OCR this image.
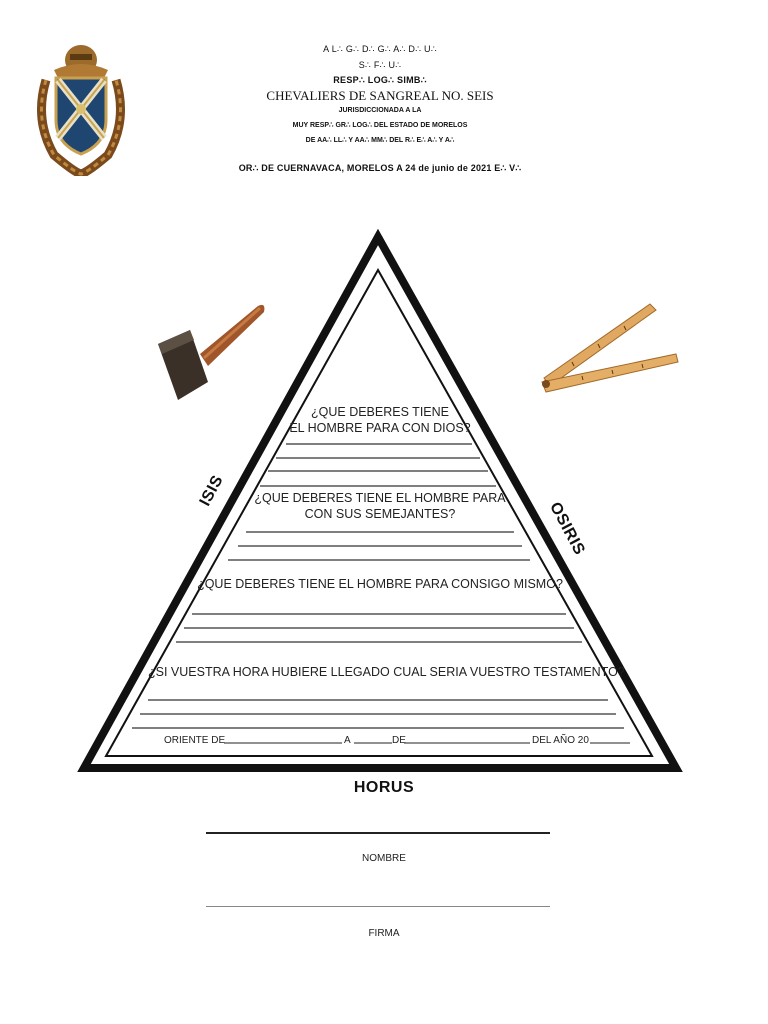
A L∴ G∴ D∴ G∴ A∴ D∴ U∴
S∴ F∴ U∴
RESP∴ LOG∴ SIMB∴
CHEVALIERS DE SANGREAL NO. SEIS
JURISDICCIONADA A LA
MUY RESP∴ GR∴ LOG∴ DEL ESTADO DE MORELOS
DE AA∴ LL∴ Y AA∴ MM∴ DEL R∴ E∴ A∴ Y A∴
OR∴ DE CUERNAVACA, MORELOS A 24 de junio de 2021 E∴ V∴
¿QUE DEBERES TIENE
EL HOMBRE PARA CON DIOS?
¿QUE DEBERES TIENE EL HOMBRE PARA
CON SUS SEMEJANTES?
¿QUE DEBERES TIENE EL HOMBRE PARA CONSIGO MISMO?
¿SI VUESTRA HORA HUBIERE LLEGADO CUAL SERIA VUESTRO TESTAMENTO?
ORIENTE DE	A	DE	DEL AÑO 20
ISIS
OSIRIS
HORUS
NOMBRE
FIRMA
